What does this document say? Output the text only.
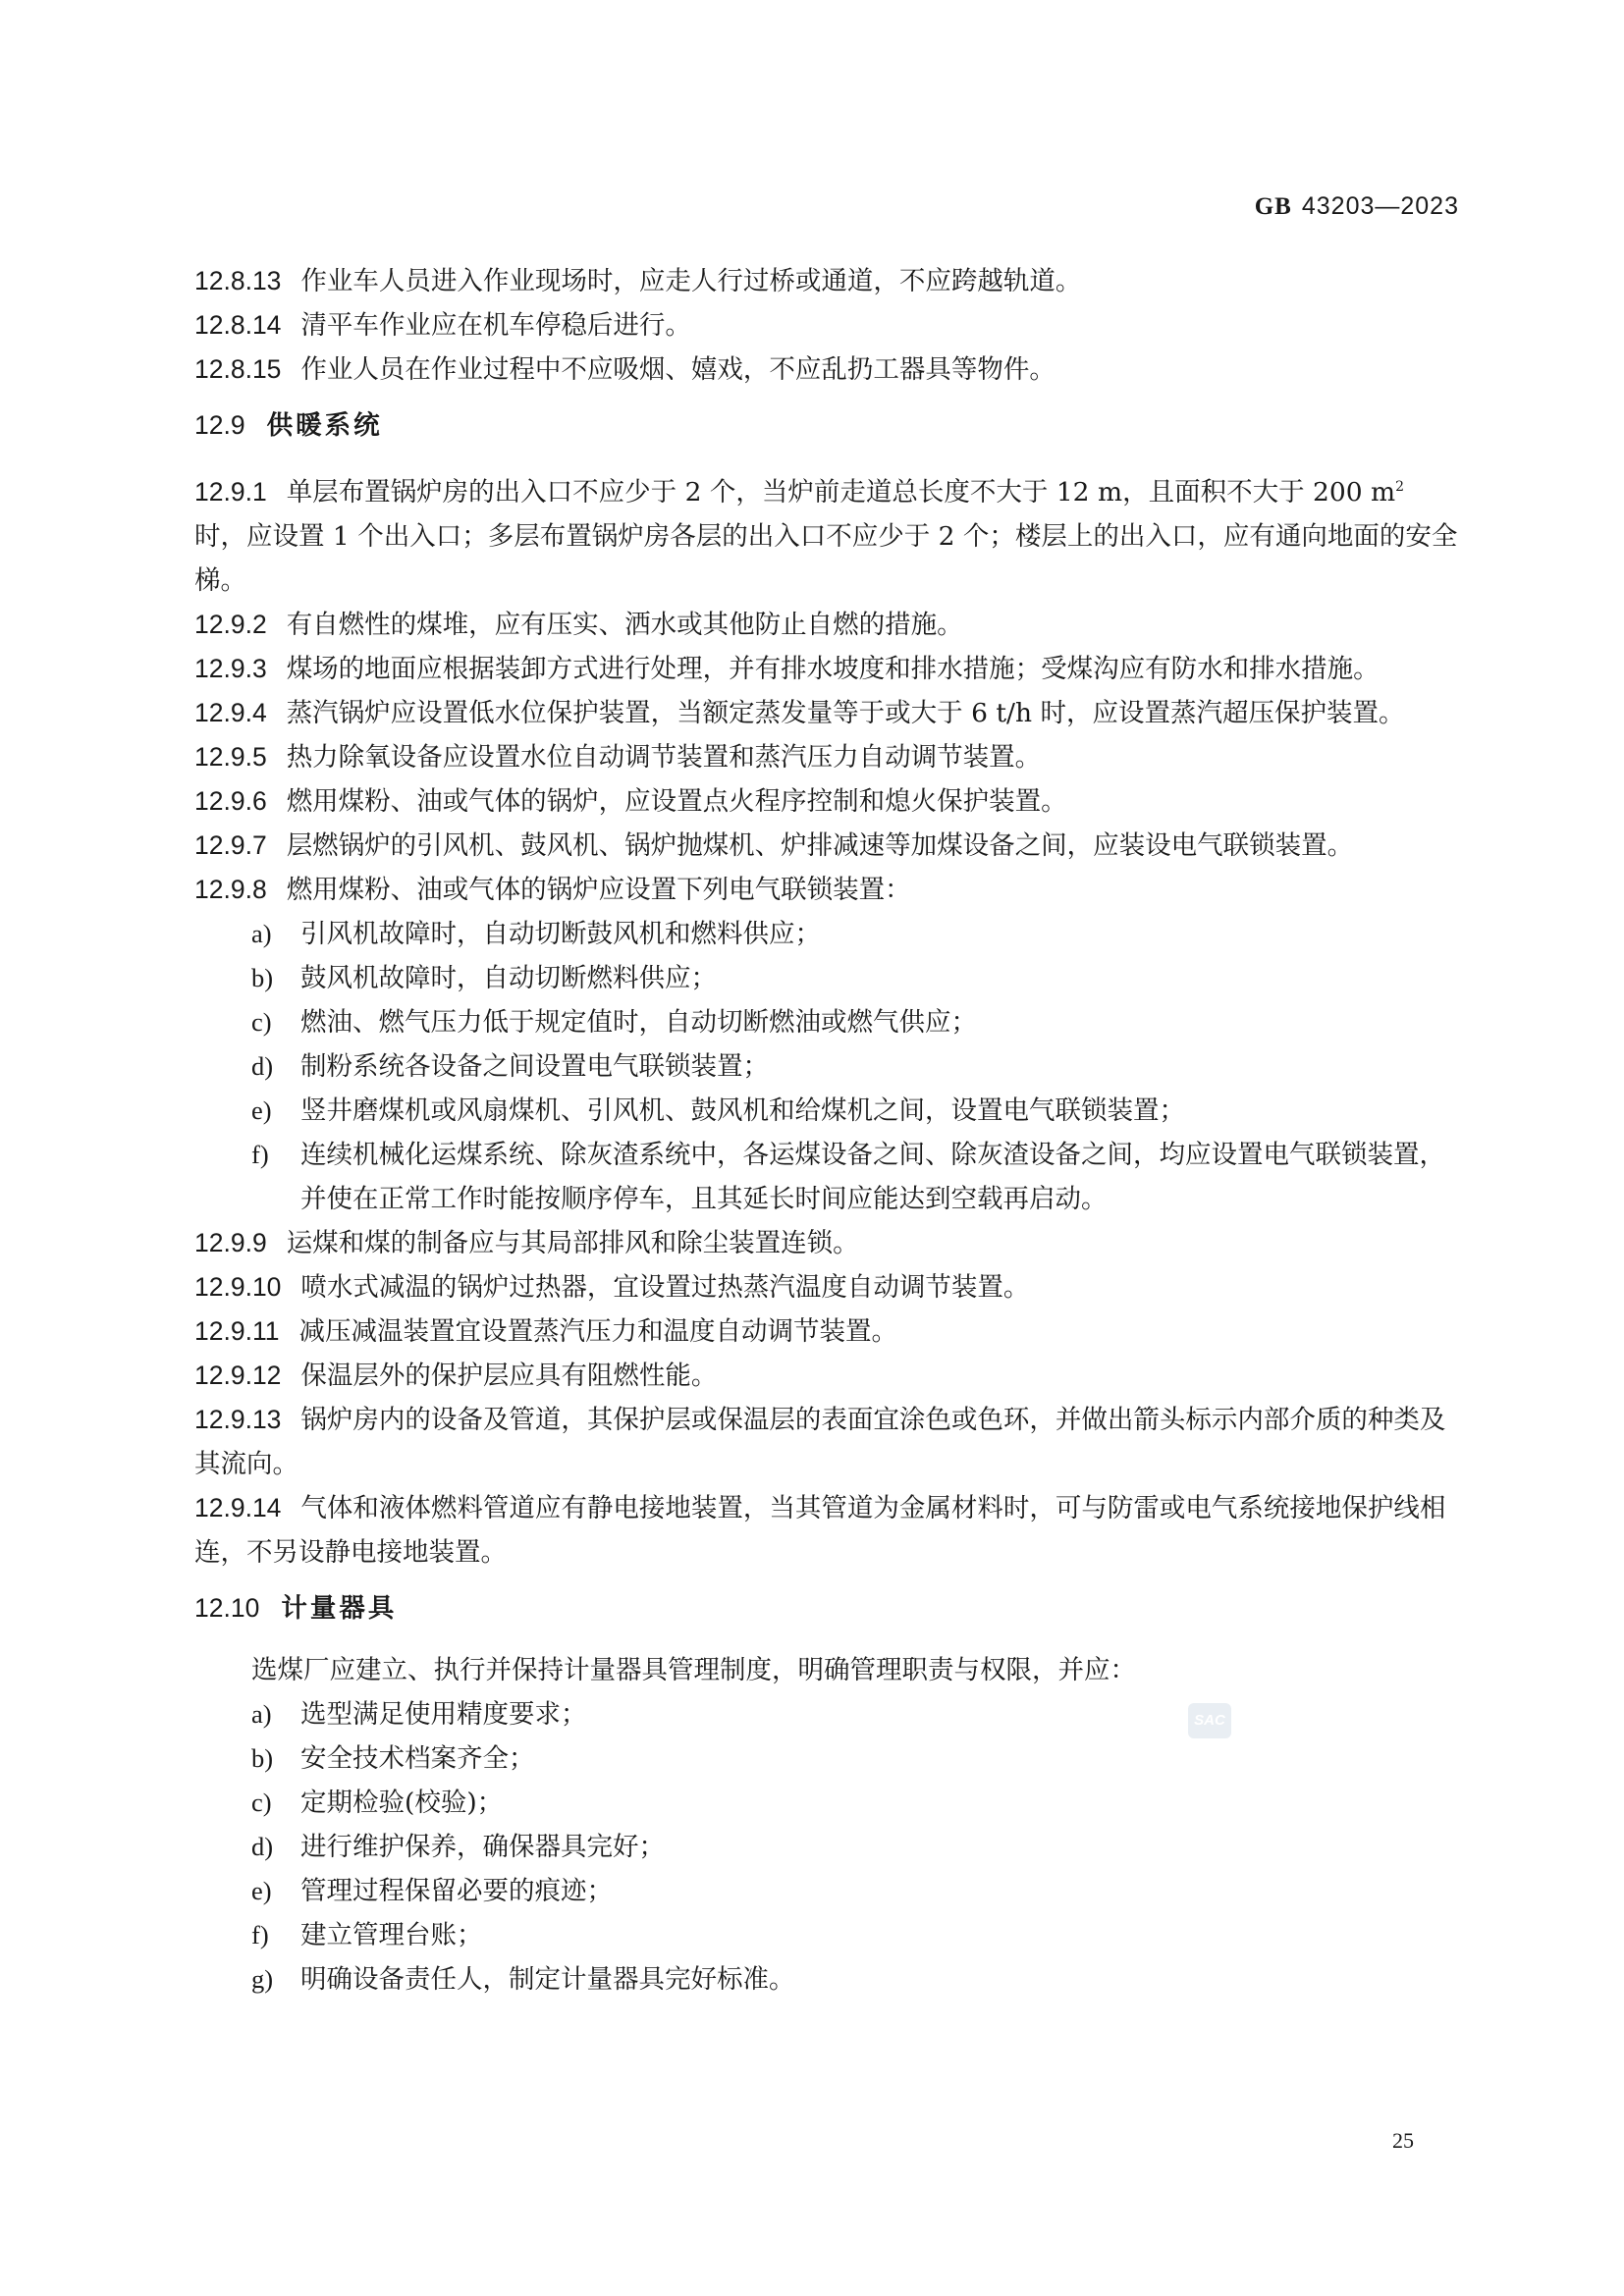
GB 43203—2023

12.8.13 作业车人员进入作业现场时，应走人行过桥或通道，不应跨越轨道。

12.8.14 清平车作业应在机车停稳后进行。

12.8.15 作业人员在作业过程中不应吸烟、嬉戏，不应乱扔工器具等物件。

12.9 供暖系统

12.9.1 单层布置锅炉房的出入口不应少于 2 个，当炉前走道总长度不大于 12 m，且面积不大于 200 $m^2$ 时，应设置 1 个出入口；多层布置锅炉房各层的出入口不应少于 2 个；楼层上的出入口，应有通向地面的安全梯。

12.9.2 有自燃性的煤堆，应有压实、洒水或其他防止自燃的措施。

12.9.3 煤场的地面应根据装卸方式进行处理，并有排水坡度和排水措施；受煤沟应有防水和排水措施。

12.9.4 蒸汽锅炉应设置低水位保护装置，当额定蒸发量等于或大于 6 t/h 时，应设置蒸汽超压保护装置。

12.9.5 热力除氧设备应设置水位自动调节装置和蒸汽压力自动调节装置。

12.9.6 燃用煤粉、油或气体的锅炉，应设置点火程序控制和熄火保护装置。

12.9.7 层燃锅炉的引风机、鼓风机、锅炉抛煤机、炉排减速等加煤设备之间，应装设电气联锁装置。

12.9.8 燃用煤粉、油或气体的锅炉应设置下列电气联锁装置：

a) 引风机故障时，自动切断鼓风机和燃料供应；

b) 鼓风机故障时，自动切断燃料供应；

c) 燃油、燃气压力低于规定值时，自动切断燃油或燃气供应；

d) 制粉系统各设备之间设置电气联锁装置；

e) 竖井磨煤机或风扇煤机、引风机、鼓风机和给煤机之间，设置电气联锁装置；

f) 连续机械化运煤系统、除灰渣系统中，各运煤设备之间、除灰渣设备之间，均应设置电气联锁装置，并使在正常工作时能按顺序停车，且其延长时间应能达到空载再启动。

12.9.9 运煤和煤的制备应与其局部排风和除尘装置连锁。

12.9.10 喷水式减温的锅炉过热器，宜设置过热蒸汽温度自动调节装置。

12.9.11 减压减温装置宜设置蒸汽压力和温度自动调节装置。

12.9.12 保温层外的保护层应具有阻燃性能。

12.9.13 锅炉房内的设备及管道，其保护层或保温层的表面宜涂色或色环，并做出箭头标示内部介质的种类及其流向。

12.9.14 气体和液体燃料管道应有静电接地装置，当其管道为金属材料时，可与防雷或电气系统接地保护线相连，不另设静电接地装置。

12.10 计量器具

选煤厂应建立、执行并保持计量器具管理制度，明确管理职责与权限，并应：

a) 选型满足使用精度要求；

b) 安全技术档案齐全；

c) 定期检验(校验)；

d) 进行维护保养，确保器具完好；

e) 管理过程保留必要的痕迹；

f) 建立管理台账；

g) 明确设备责任人，制定计量器具完好标准。

SAC
25
